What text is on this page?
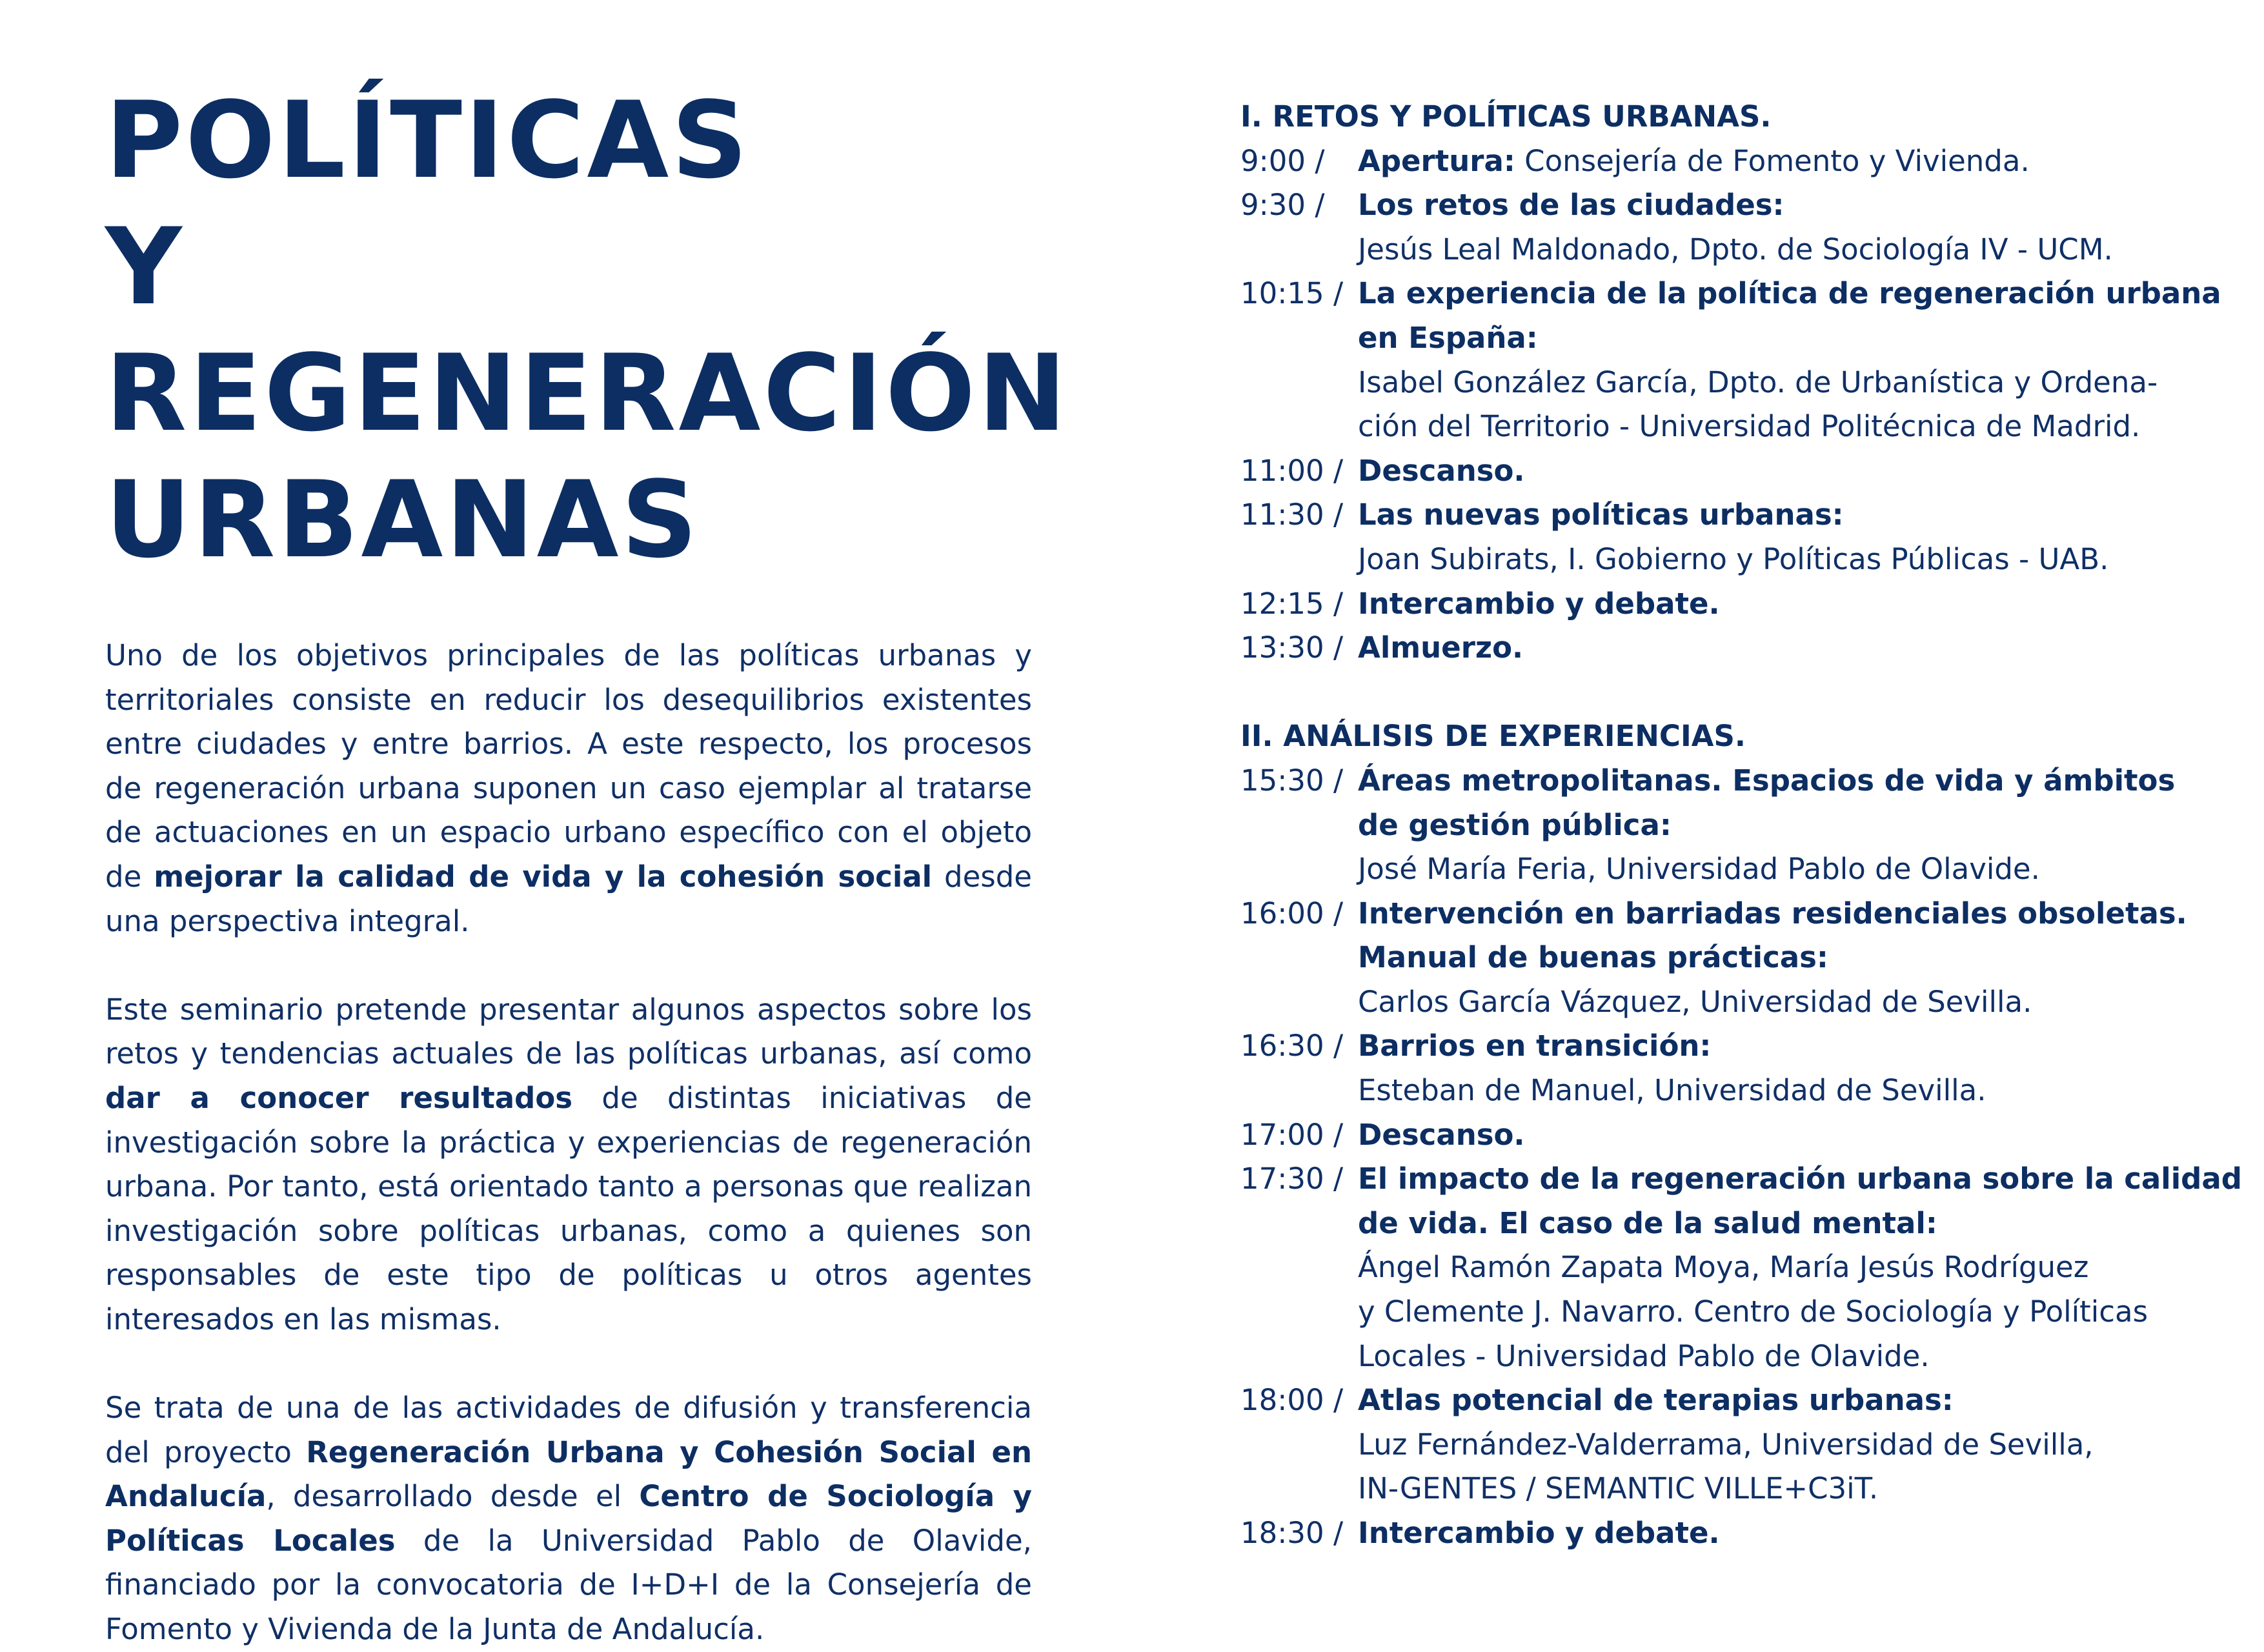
POLÍTICAS
Y REGENERACIÓN
URBANAS

Uno de los objetivos principales de las políticas urbanas y territoriales consiste en reducir los desequilibrios existentes entre ciudades y entre barrios. A este respecto, los procesos de regeneración urbana suponen un caso ejemplar al tratarse de actuaciones en un espacio urbano específico con el objeto de mejorar la calidad de vida y la cohesión social desde una perspectiva integral.

Este seminario pretende presentar algunos aspectos sobre los retos y tendencias actuales de las políticas urbanas, así como dar a conocer resultados de distintas iniciativas de investigación sobre la práctica y experiencias de regeneración urbana. Por tanto, está orientado tanto a personas que realizan investigación sobre políticas urbanas, como a quienes son responsables de este tipo de políticas u otros agentes interesados en las mismas.

Se trata de una de las actividades de difusión y transferencia del proyecto Regeneración Urbana y Cohesión Social en Andalucía, desarrollado desde el Centro de Sociología y Políticas Locales de la Universidad Pablo de Olavide, financiado por la convocatoria de I+D+I de la Consejería de Fomento y Vivienda de la Junta de Andalucía.

I. RETOS Y POLÍTICAS URBANAS.
9:00 /	Apertura: Consejería de Fomento y Vivienda.
9:30 /	Los retos de las ciudades:
Jesús Leal Maldonado, Dpto. de Sociología IV - UCM.
10:15 / La experiencia de la política de regeneración urbana
en España:
Isabel González García, Dpto. de Urbanística y Ordena-
ción del Territorio - Universidad Politécnica de Madrid.
11:00 / Descanso.
11:30 / Las nuevas políticas urbanas:
Joan Subirats, I. Gobierno y Políticas Públicas - UAB.
12:15 / Intercambio y debate.
13:30 / Almuerzo.
II. ANÁLISIS DE EXPERIENCIAS.
15:30 / Áreas metropolitanas. Espacios de vida y ámbitos
de gestión pública:
José María Feria, Universidad Pablo de Olavide.
16:00 / Intervención en barriadas residenciales obsoletas.
Manual de buenas prácticas:
Carlos García Vázquez, Universidad de Sevilla.
16:30 / Barrios en transición:
Esteban de Manuel, Universidad de Sevilla.
17:00 / Descanso.
17:30 / El impacto de la regeneración urbana sobre la calidad
de vida. El caso de la salud mental:
Ángel Ramón Zapata Moya, María Jesús Rodríguez
y Clemente J. Navarro. Centro de Sociología y Políticas
Locales - Universidad Pablo de Olavide.
18:00 / Atlas potencial de terapias urbanas:
Luz Fernández-Valderrama, Universidad de Sevilla,
IN-GENTES / SEMANTIC VILLE+C3iT.
18:30 / Intercambio y debate.
